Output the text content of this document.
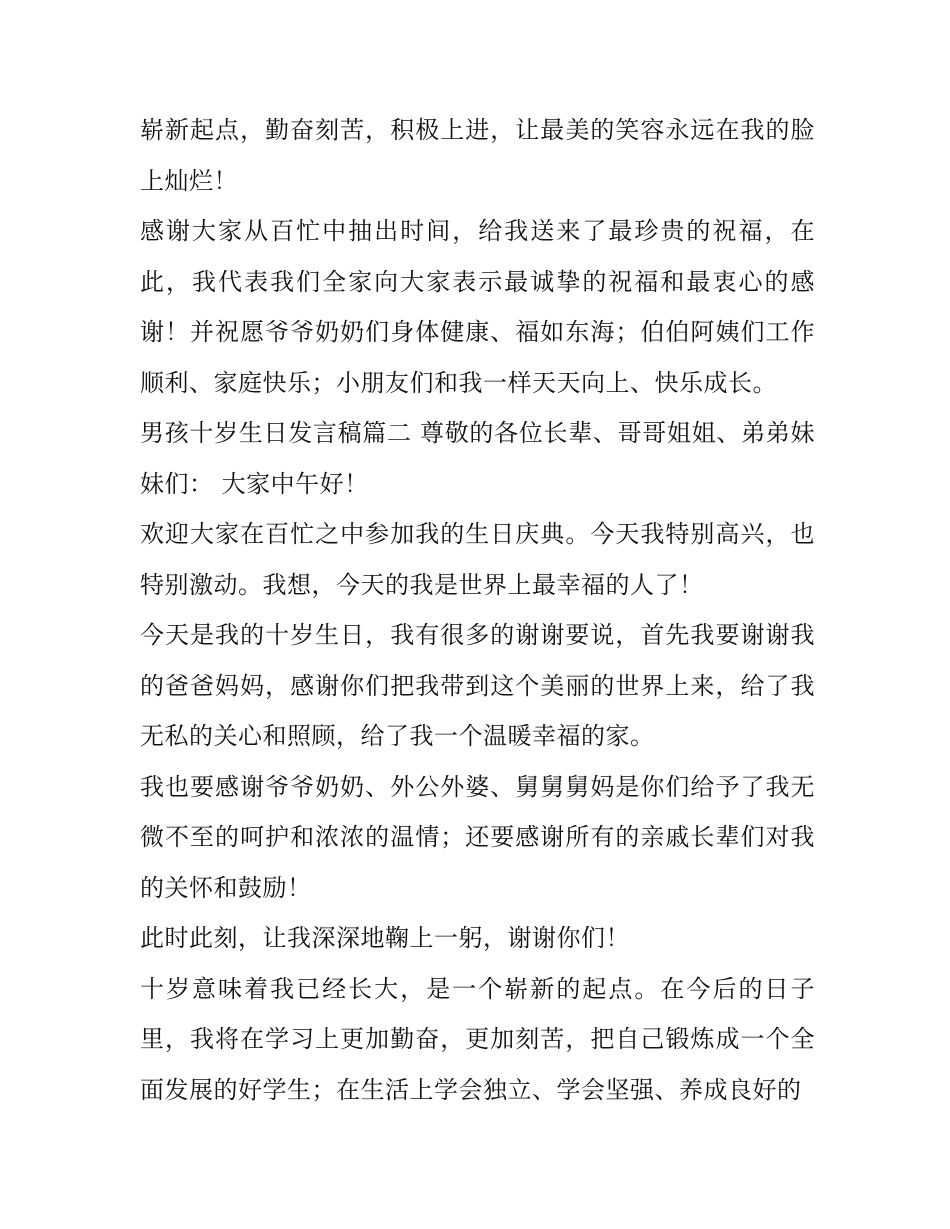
崭新起点，勤奋刻苦，积极上进，让最美的笑容永远在我的脸上灿烂！

感谢大家从百忙中抽出时间，给我送来了最珍贵的祝福，在此，我代表我们全家向大家表示最诚挚的祝福和最衷心的感谢！并祝愿爷爷奶奶们身体健康、福如东海；伯伯阿姨们工作顺利、家庭快乐；小朋友们和我一样天天向上、快乐成长。

男孩十岁生日发言稿篇二 尊敬的各位长辈、哥哥姐姐、弟弟妹妹们： 大家中午好！

欢迎大家在百忙之中参加我的生日庆典。今天我特别高兴，也特别激动。我想，今天的我是世界上最幸福的人了！

今天是我的十岁生日，我有很多的谢谢要说，首先我要谢谢我的爸爸妈妈，感谢你们把我带到这个美丽的世界上来，给了我无私的关心和照顾，给了我一个温暖幸福的家。

我也要感谢爷爷奶奶、外公外婆、舅舅舅妈是你们给予了我无微不至的呵护和浓浓的温情；还要感谢所有的亲戚长辈们对我的关怀和鼓励！

此时此刻，让我深深地鞠上一躬，谢谢你们！

十岁意味着我已经长大，是一个崭新的起点。在今后的日子里，我将在学习上更加勤奋，更加刻苦，把自己锻炼成一个全面发展的好学生；在生活上学会独立、学会坚强、养成良好的
